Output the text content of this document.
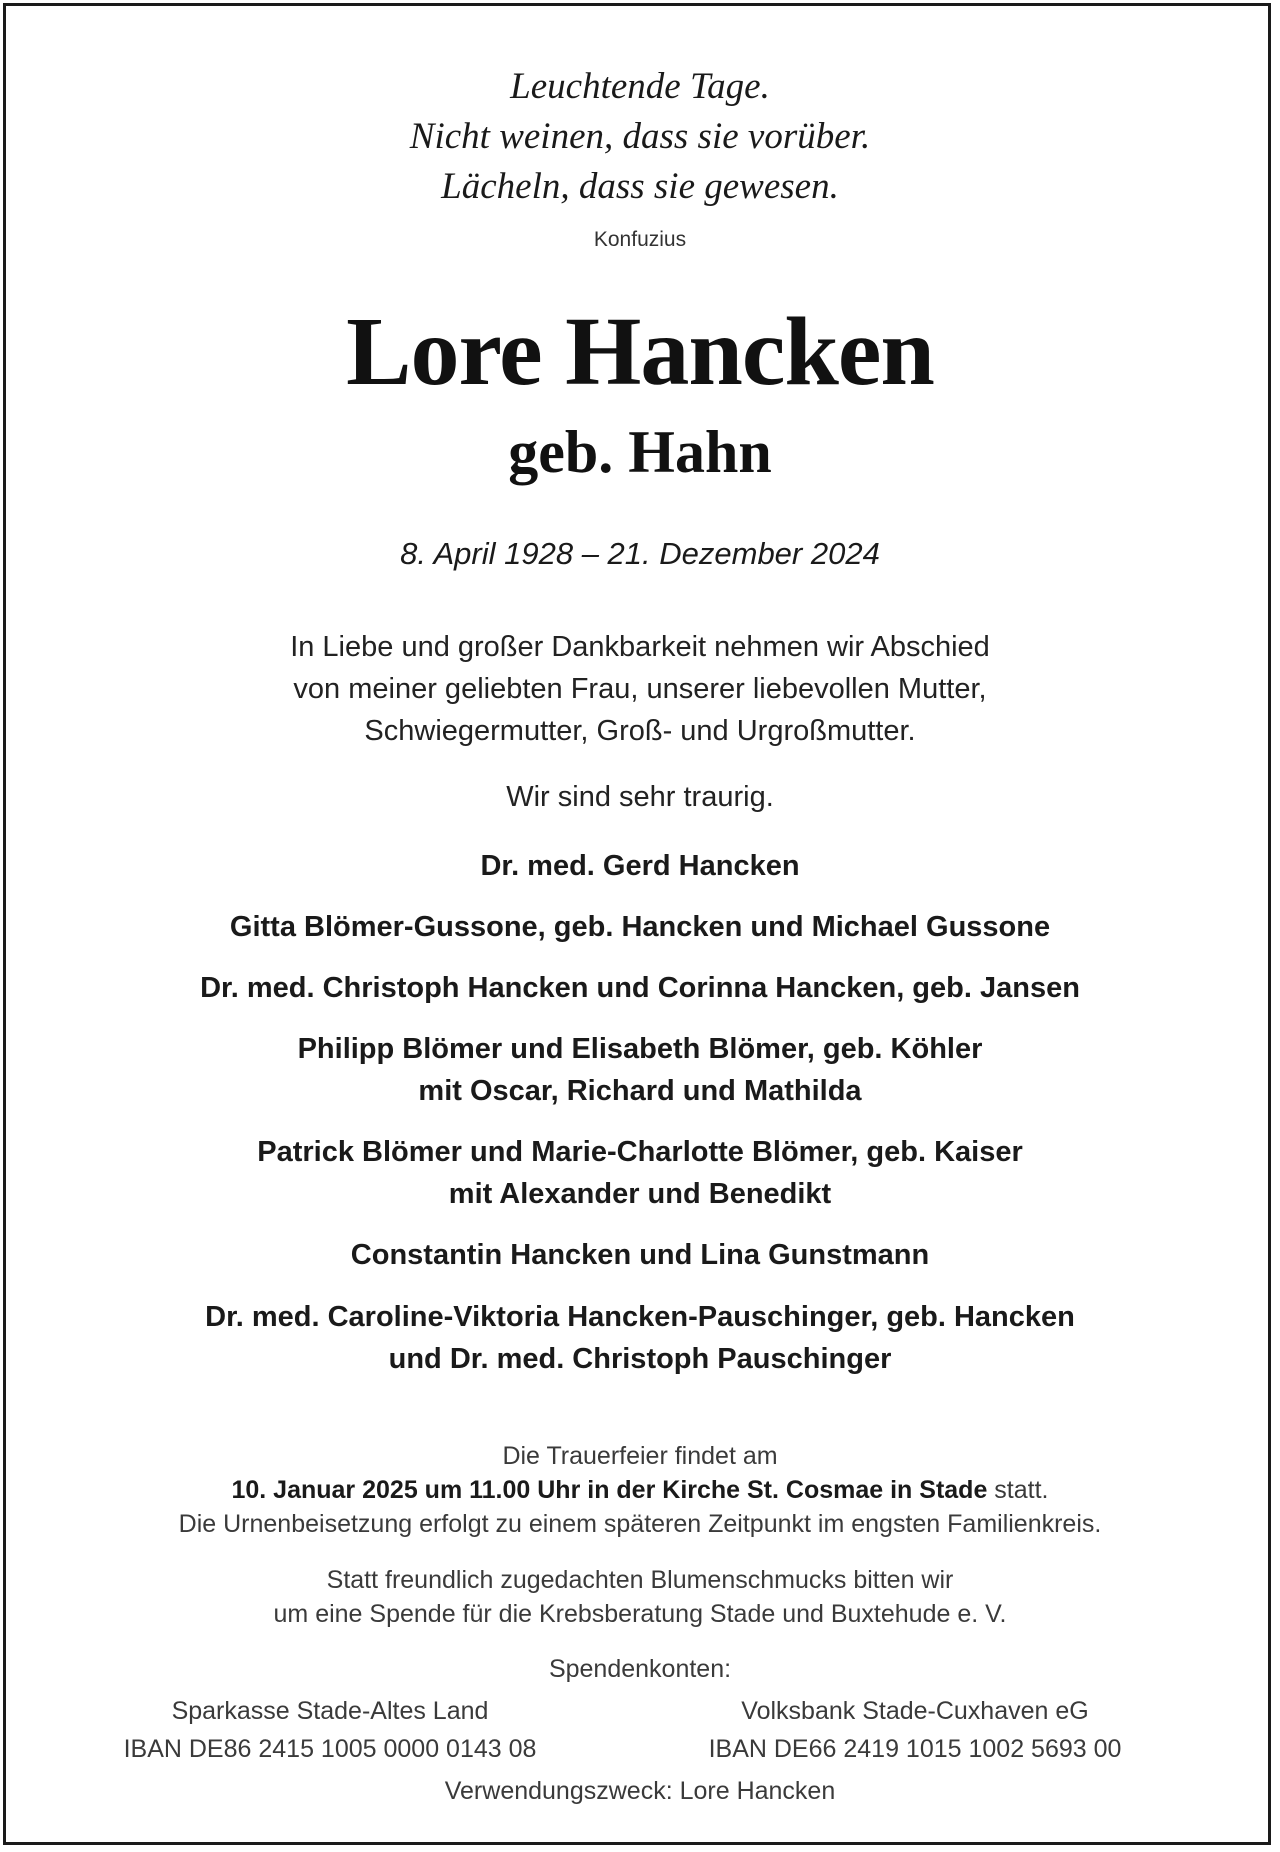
Leuchtende Tage.
Nicht weinen, dass sie vorüber.
Lächeln, dass sie gewesen.
Konfuzius
Lore Hancken
geb. Hahn
8. April 1928 – 21. Dezember 2024
In Liebe und großer Dankbarkeit nehmen wir Abschied
von meiner geliebten Frau, unserer liebevollen Mutter,
Schwiegermutter, Groß- und Urgroßmutter.
Wir sind sehr traurig.
Dr. med. Gerd Hancken
Gitta Blömer-Gussone, geb. Hancken und Michael Gussone
Dr. med. Christoph Hancken und Corinna Hancken, geb. Jansen
Philipp Blömer und Elisabeth Blömer, geb. Köhler
mit Oscar, Richard und Mathilda
Patrick Blömer und Marie-Charlotte Blömer, geb. Kaiser
mit Alexander und Benedikt
Constantin Hancken und Lina Gunstmann
Dr. med. Caroline-Viktoria Hancken-Pauschinger, geb. Hancken
und Dr. med. Christoph Pauschinger
Die Trauerfeier findet am
10. Januar 2025 um 11.00 Uhr in der Kirche St. Cosmae in Stade statt.
Die Urnenbeisetzung erfolgt zu einem späteren Zeitpunkt im engsten Familienkreis.
Statt freundlich zugedachten Blumenschmucks bitten wir
um eine Spende für die Krebsberatung Stade und Buxtehude e. V.
Spendenkonten:
Sparkasse Stade-Altes Land
IBAN DE86 2415 1005 0000 0143 08
Volksbank Stade-Cuxhaven eG
IBAN DE66 2419 1015 1002 5693 00
Verwendungszweck: Lore Hancken
